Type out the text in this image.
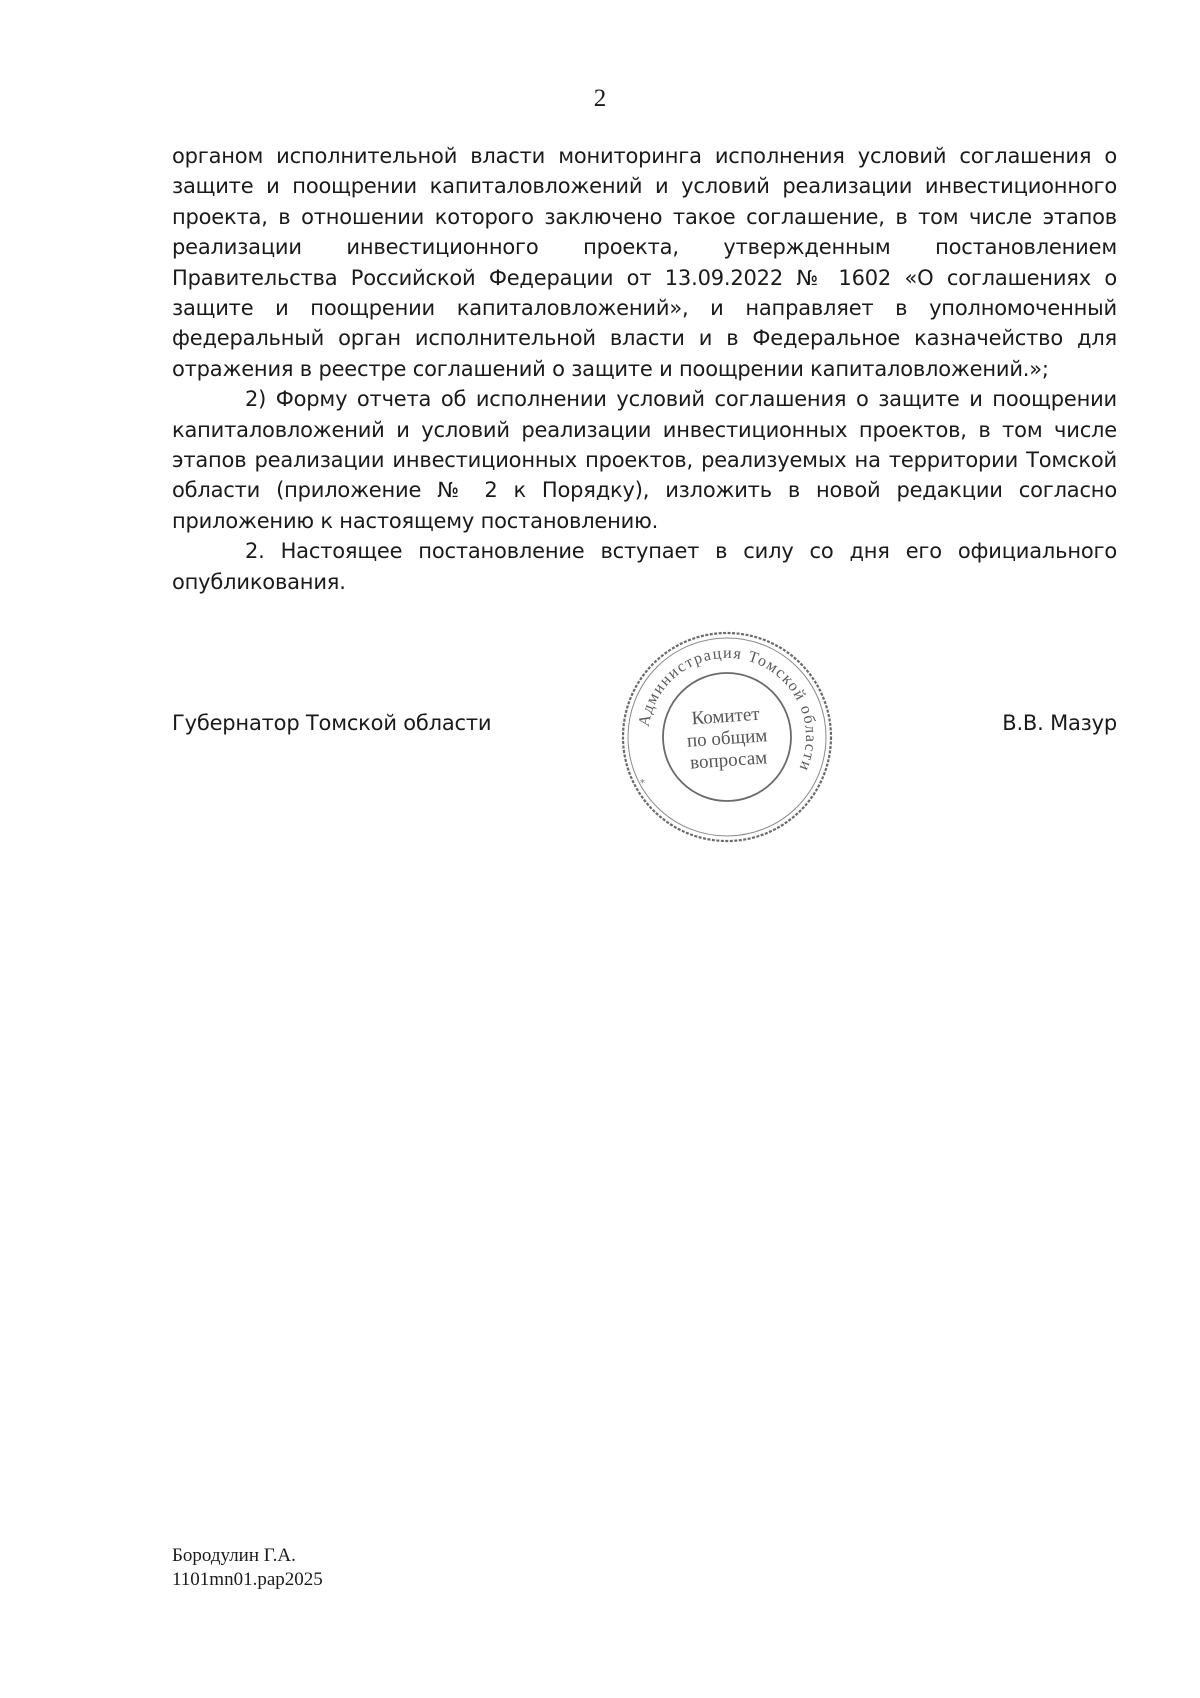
2

органом исполнительной власти мониторинга исполнения условий соглашения о защите и поощрении капиталовложений и условий реализации инвестиционного проекта, в отношении которого заключено такое соглашение, в том числе этапов реализации инвестиционного проекта, утвержденным постановлением Правительства Российской Федерации от 13.09.2022 № 1602 «О соглашениях о защите и поощрении капиталовложений», и направляет в уполномоченный федеральный орган исполнительной власти и в Федеральное казначейство для отражения в реестре соглашений о защите и поощрении капиталовложений.»;

2) Форму отчета об исполнении условий соглашения о защите и поощрении капиталовложений и условий реализации инвестиционных проектов, в том числе этапов реализации инвестиционных проектов, реализуемых на территории Томской области (приложение № 2 к Порядку), изложить в новой редакции согласно приложению к настоящему постановлению.

2. Настоящее постановление вступает в силу со дня его официального опубликования.

Губернатор Томской области	Администрация Томской области
*
Комитет
по общим
вопросам
В.В. Мазур
Бородулин Г.А.
1101mn01.pap2025
